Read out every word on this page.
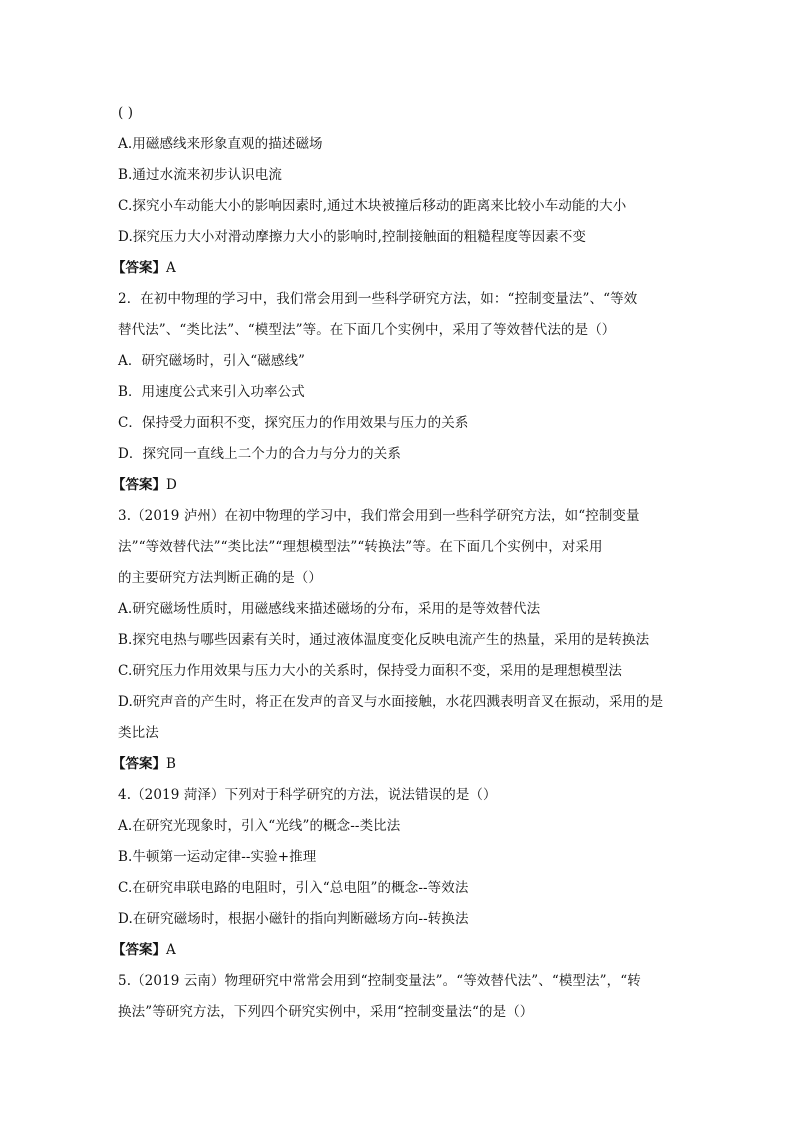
( )
A.用磁感线来形象直观的描述磁场
B.通过水流来初步认识电流
C.探究小车动能大小的影响因素时,通过木块被撞后移动的距离来比较小车动能的大小
D.探究压力大小对滑动摩擦力大小的影响时,控制接触面的粗糙程度等因素不变
【答案】A
2．在初中物理的学习中，我们常会用到一些科学研究方法，如：“控制变量法”、“等效
替代法”、“类比法”、“模型法”等。在下面几个实例中，采用了等效替代法的是（）
A．研究磁场时，引入“磁感线”
B．用速度公式来引入功率公式
C．保持受力面积不变，探究压力的作用效果与压力的关系
D．探究同一直线上二个力的合力与分力的关系
【答案】D
3.（2019 泸州）在初中物理的学习中，我们常会用到一些科学研究方法，如“控制变量
法”“等效替代法”“类比法”“理想模型法”“转换法”等。在下面几个实例中，对采用
的主要研究方法判断正确的是（）
A.研究磁场性质时，用磁感线来描述磁场的分布，采用的是等效替代法
B.探究电热与哪些因素有关时，通过液体温度变化反映电流产生的热量，采用的是转换法
C.研究压力作用效果与压力大小的关系时，保持受力面积不变，采用的是理想模型法
D.研究声音的产生时，将正在发声的音叉与水面接触，水花四溅表明音叉在振动，采用的是
类比法
【答案】B
4.（2019 菏泽）下列对于科学研究的方法，说法错误的是（）
A.在研究光现象时，引入“光线”的概念--类比法
B.牛顿第一运动定律--实验+推理
C.在研究串联电路的电阻时，引入“总电阻”的概念--等效法
D.在研究磁场时，根据小磁针的指向判断磁场方向--转换法
【答案】A
5.（2019 云南）物理研究中常常会用到“控制变量法”。“等效替代法”、“模型法”，“转
换法”等研究方法，下列四个研究实例中，采用“控制变量法“的是（）
